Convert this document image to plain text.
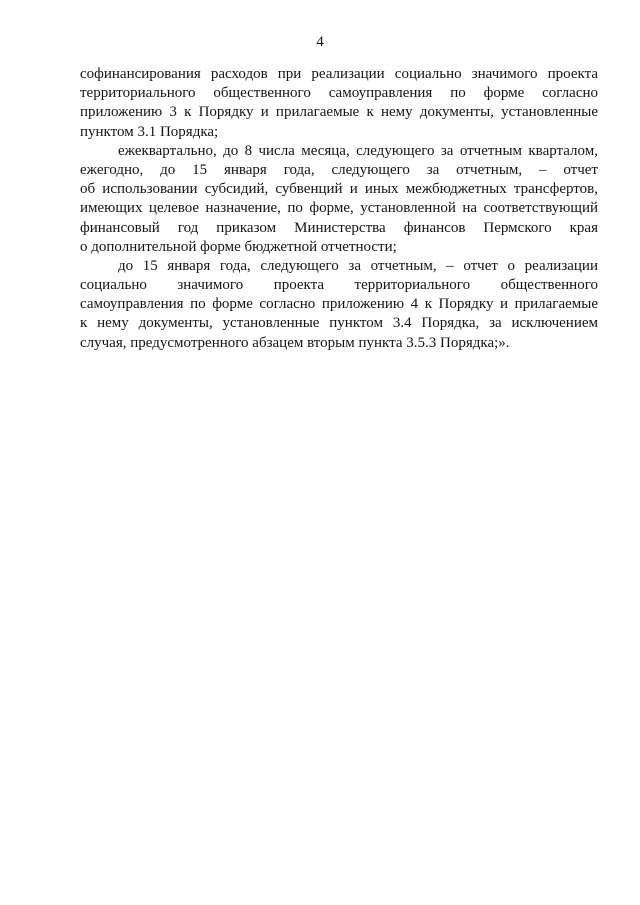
4
софинансирования расходов при реализации социально значимого проекта
территориального общественного самоуправления по форме согласно
приложению 3 к Порядку и прилагаемые к нему документы, установленные
пунктом 3.1 Порядка;
ежеквартально, до 8 числа месяца, следующего за отчетным кварталом,
ежегодно, до 15 января года, следующего за отчетным, – отчет
об использовании субсидий, субвенций и иных межбюджетных трансфертов,
имеющих целевое назначение, по форме, установленной на соответствующий
финансовый год приказом Министерства финансов Пермского края
о дополнительной форме бюджетной отчетности;
до 15 января года, следующего за отчетным, – отчет о реализации
социально значимого проекта территориального общественного
самоуправления по форме согласно приложению 4 к Порядку и прилагаемые
к нему документы, установленные пунктом 3.4 Порядка, за исключением
случая, предусмотренного абзацем вторым пункта 3.5.3 Порядка;».
